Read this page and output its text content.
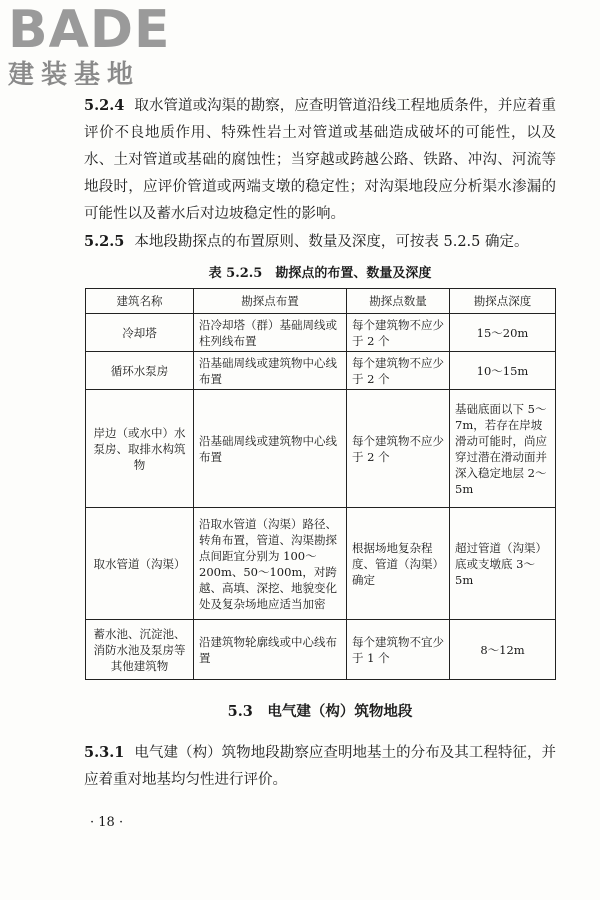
BADE
建装基地

5.2.4 取水管道或沟渠的勘察，应查明管道沿线工程地质条件，并应着重评价不良地质作用、特殊性岩土对管道或基础造成破坏的可能性，以及水、土对管道或基础的腐蚀性；当穿越或跨越公路、铁路、冲沟、河流等地段时，应评价管道或两端支墩的稳定性；对沟渠地段应分析渠水渗漏的可能性以及蓄水后对边坡稳定性的影响。

5.2.5 本地段勘探点的布置原则、数量及深度，可按表 5.2.5 确定。

表 5.2.5　勘探点的布置、数量及深度
建筑名称	勘探点布置	勘探点数量	勘探点深度
冷却塔	沿冷却塔（群）基础周线或柱列线布置	每个建筑物不应少于 2 个	15～20m
循环水泵房	沿基础周线或建筑物中心线布置	每个建筑物不应少于 2 个	10～15m
岸边（或水中）水泵房、取排水构筑物	沿基础周线或建筑物中心线布置	每个建筑物不应少于 2 个	基础底面以下 5～7m，若存在岸坡滑动可能时，尚应穿过潜在滑动面并深入稳定地层 2～5m
取水管道（沟渠）	沿取水管道（沟渠）路径、转角布置，管道、沟渠勘探点间距宜分别为 100～200m、50～100m，对跨越、高填、深挖、地貌变化处及复杂场地应适当加密	根据场地复杂程度、管道（沟渠）确定	超过管道（沟渠）底或支墩底 3～5m
蓄水池、沉淀池、消防水池及泵房等其他建筑物	沿建筑物轮廓线或中心线布置	每个建筑物不宜少于 1 个	8～12m
5.3　电气建（构）筑物地段

5.3.1 电气建（构）筑物地段勘察应查明地基土的分布及其工程特征，并应着重对地基均匀性进行评价。

· 18 ·
